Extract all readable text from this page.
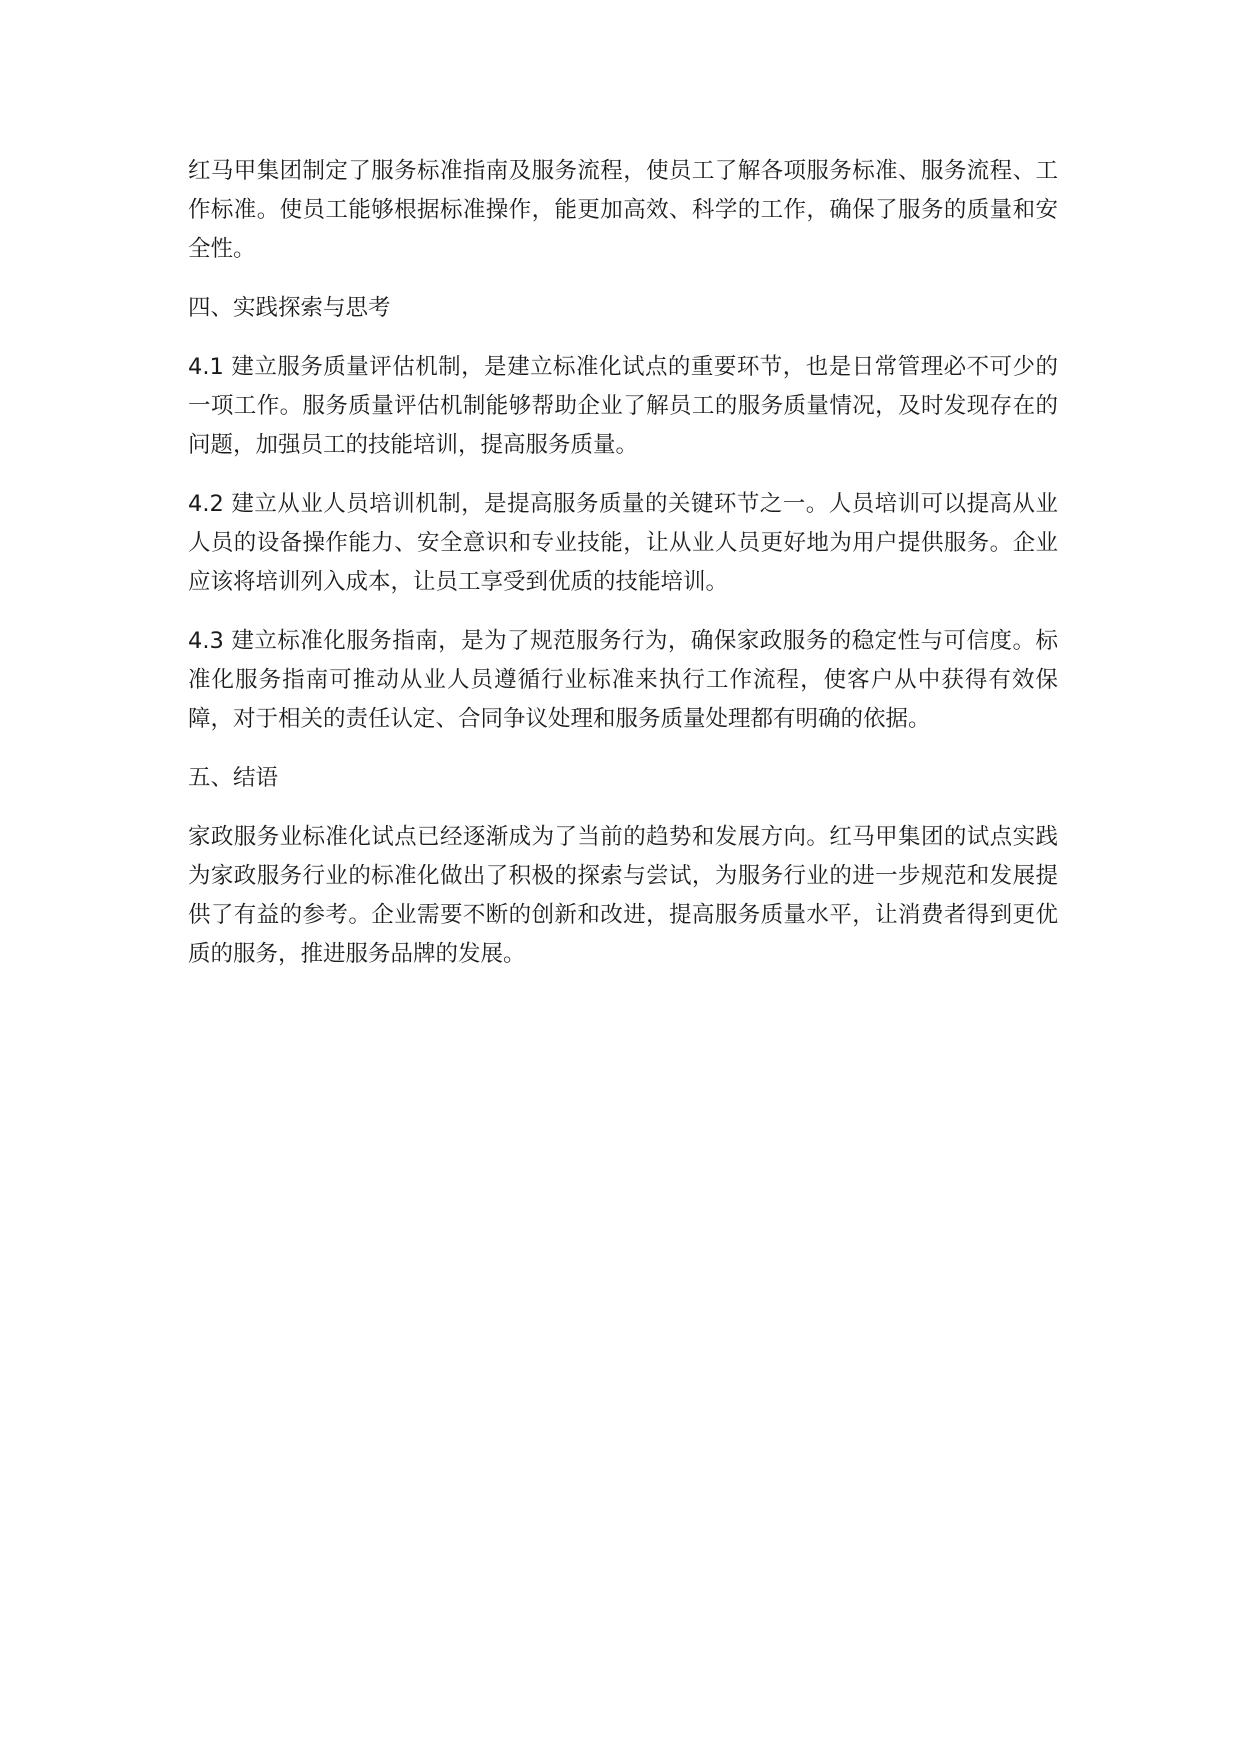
红马甲集团制定了服务标准指南及服务流程，使员工了解各项服务标准、服务流程、工作标准。使员工能够根据标准操作，能更加高效、科学的工作，确保了服务的质量和安全性。

四、实践探索与思考

4.1 建立服务质量评估机制，是建立标准化试点的重要环节，也是日常管理必不可少的一项工作。服务质量评估机制能够帮助企业了解员工的服务质量情况，及时发现存在的问题，加强员工的技能培训，提高服务质量。

4.2 建立从业人员培训机制，是提高服务质量的关键环节之一。人员培训可以提高从业人员的设备操作能力、安全意识和专业技能，让从业人员更好地为用户提供服务。企业应该将培训列入成本，让员工享受到优质的技能培训。

4.3 建立标准化服务指南，是为了规范服务行为，确保家政服务的稳定性与可信度。标准化服务指南可推动从业人员遵循行业标准来执行工作流程，使客户从中获得有效保障，对于相关的责任认定、合同争议处理和服务质量处理都有明确的依据。

五、结语

家政服务业标准化试点已经逐渐成为了当前的趋势和发展方向。红马甲集团的试点实践为家政服务行业的标准化做出了积极的探索与尝试，为服务行业的进一步规范和发展提供了有益的参考。企业需要不断的创新和改进，提高服务质量水平，让消费者得到更优质的服务，推进服务品牌的发展。
